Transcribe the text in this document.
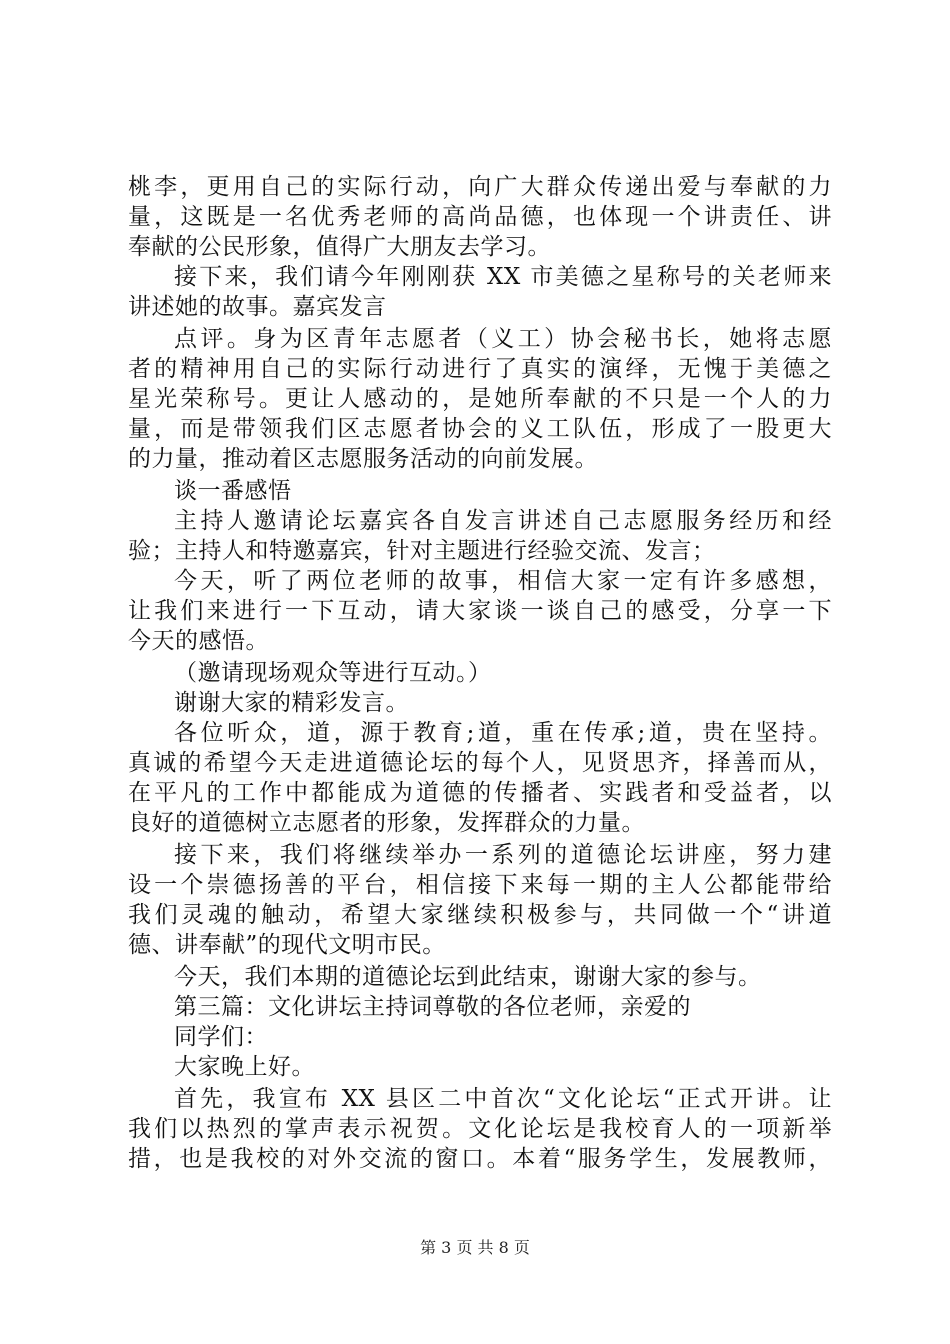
桃李，更用自己的实际行动，向广大群众传递出爱与奉献的力
量，这既是一名优秀老师的高尚品德，也体现一个讲责任、讲
奉献的公民形象，值得广大朋友去学习。
接下来，我们请今年刚刚获 XX 市美德之星称号的关老师来
讲述她的故事。嘉宾发言
点评。身为区青年志愿者（义工）协会秘书长，她将志愿
者的精神用自己的实际行动进行了真实的演绎，无愧于美德之
星光荣称号。更让人感动的，是她所奉献的不只是一个人的力
量，而是带领我们区志愿者协会的义工队伍，形成了一股更大
的力量，推动着区志愿服务活动的向前发展。
谈一番感悟
主持人邀请论坛嘉宾各自发言讲述自己志愿服务经历和经
验；主持人和特邀嘉宾，针对主题进行经验交流、发言；
今天，听了两位老师的故事，相信大家一定有许多感想，
让我们来进行一下互动，请大家谈一谈自己的感受，分享一下
今天的感悟。
（邀请现场观众等进行互动。）
谢谢大家的精彩发言。
各位听众，道，源于教育;道，重在传承;道，贵在坚持。
真诚的希望今天走进道德论坛的每个人，见贤思齐，择善而从，
在平凡的工作中都能成为道德的传播者、实践者和受益者，以
良好的道德树立志愿者的形象，发挥群众的力量。
接下来，我们将继续举办一系列的道德论坛讲座，努力建
设一个崇德扬善的平台，相信接下来每一期的主人公都能带给
我们灵魂的触动，希望大家继续积极参与，共同做一个“讲道
德、讲奉献”的现代文明市民。
今天，我们本期的道德论坛到此结束，谢谢大家的参与。
第三篇：文化讲坛主持词尊敬的各位老师，亲爱的
同学们：
大家晚上好。
首先，我宣布 XX 县区二中首次“文化论坛“正式开讲。让
我们以热烈的掌声表示祝贺。文化论坛是我校育人的一项新举
措，也是我校的对外交流的窗口。本着“服务学生，发展教师，
第 3 页 共 8 页
